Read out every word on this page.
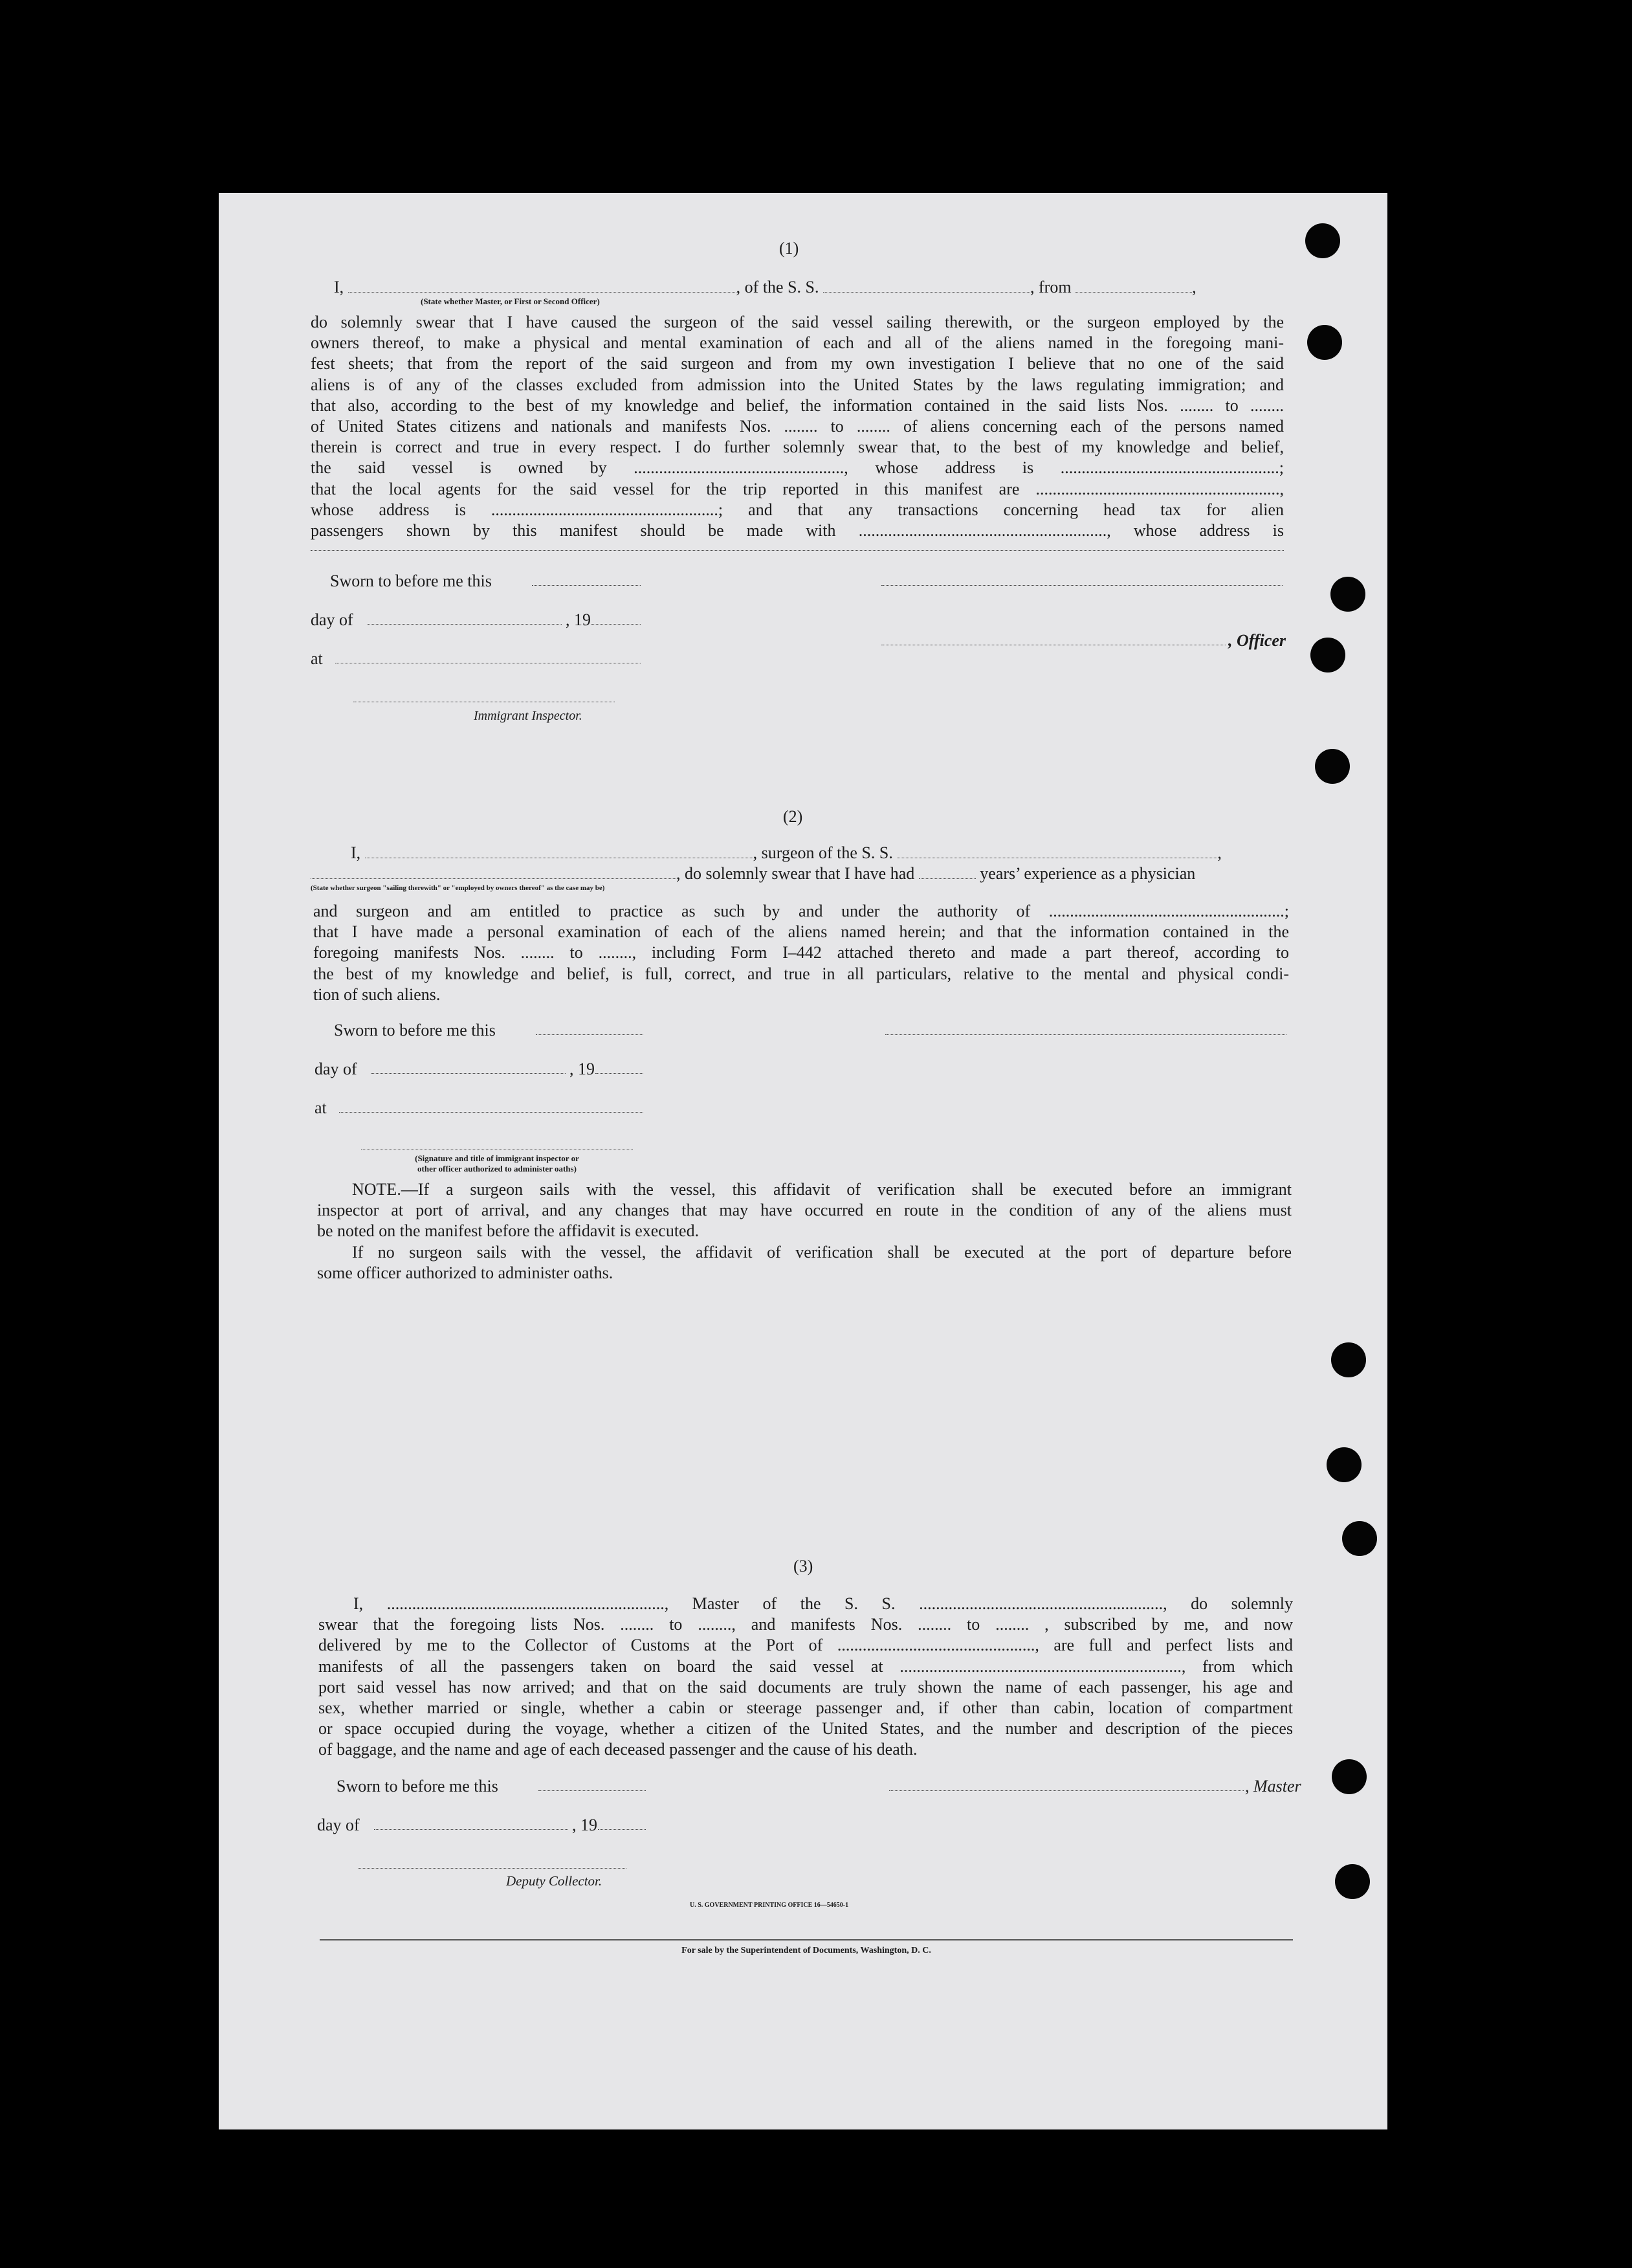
(1)
I,	, of the S. S.	, from	,
(State whether Master, or First or Second Officer)
do solemnly swear that I have caused the surgeon of the said vessel sailing therewith, or the surgeon employed by the
owners thereof, to make a physical and mental examination of each and all of the aliens named in the foregoing mani-
fest sheets; that from the report of the said surgeon and from my own investigation I believe that no one of the said
aliens is of any of the classes excluded from admission into the United States by the laws regulating immigration; and
that also, according to the best of my knowledge and belief, the information contained in the said lists Nos. ........ to ........
of United States citizens and nationals and manifests Nos. ........ to ........ of aliens concerning each of the persons named
therein is correct and true in every respect. I do further solemnly swear that, to the best of my knowledge and belief,
the said vessel is owned by .................................................., whose address is ....................................................;
that the local agents for the said vessel for the trip reported in this manifest are ..........................................................,
whose address is ......................................................; and that any transactions concerning head tax for alien
passengers shown by this manifest should be made with ..........................................................., whose address is
Sworn to before me this
day of	, 19
, Officer
at
Immigrant Inspector.
(2)
I,	, surgeon of the S. S.	,
, do solemnly swear that I have had	years’ experience as a physician
(State whether surgeon "sailing therewith" or "employed by owners thereof" as the case may be)
and surgeon and am entitled to practice as such by and under the authority of ........................................................;
that I have made a personal examination of each of the aliens named herein; and that the information contained in the
foregoing manifests Nos. ........ to ........, including Form I–442 attached thereto and made a part thereof, according to
the best of my knowledge and belief, is full, correct, and true in all particulars, relative to the mental and physical condi-
tion of such aliens.
Sworn to before me this
day of	, 19
at
(Signature and title of immigrant inspector or
other officer authorized to administer oaths)
NOTE.—If a surgeon sails with the vessel, this affidavit of verification shall be executed before an immigrant
inspector at port of arrival, and any changes that may have occurred en route in the condition of any of the aliens must
be noted on the manifest before the affidavit is executed.
If no surgeon sails with the vessel, the affidavit of verification shall be executed at the port of departure before
some officer authorized to administer oaths.
(3)
I, .................................................................., Master of the S. S. .........................................................., do solemnly
swear that the foregoing lists Nos. ........ to ........, and manifests Nos. ........ to ........ , subscribed by me, and now
delivered by me to the Collector of Customs at the Port of ..............................................., are full and perfect lists and
manifests of all the passengers taken on board the said vessel at ..................................................................., from which
port said vessel has now arrived; and that on the said documents are truly shown the name of each passenger, his age and
sex, whether married or single, whether a cabin or steerage passenger and, if other than cabin, location of compartment
or space occupied during the voyage, whether a citizen of the United States, and the number and description of the pieces
of baggage, and the name and age of each deceased passenger and the cause of his death.
Sworn to before me this	, Master
day of	, 19
Deputy Collector.
U. S. GOVERNMENT PRINTING OFFICE 16—54650-1
For sale by the Superintendent of Documents, Washington, D. C.
